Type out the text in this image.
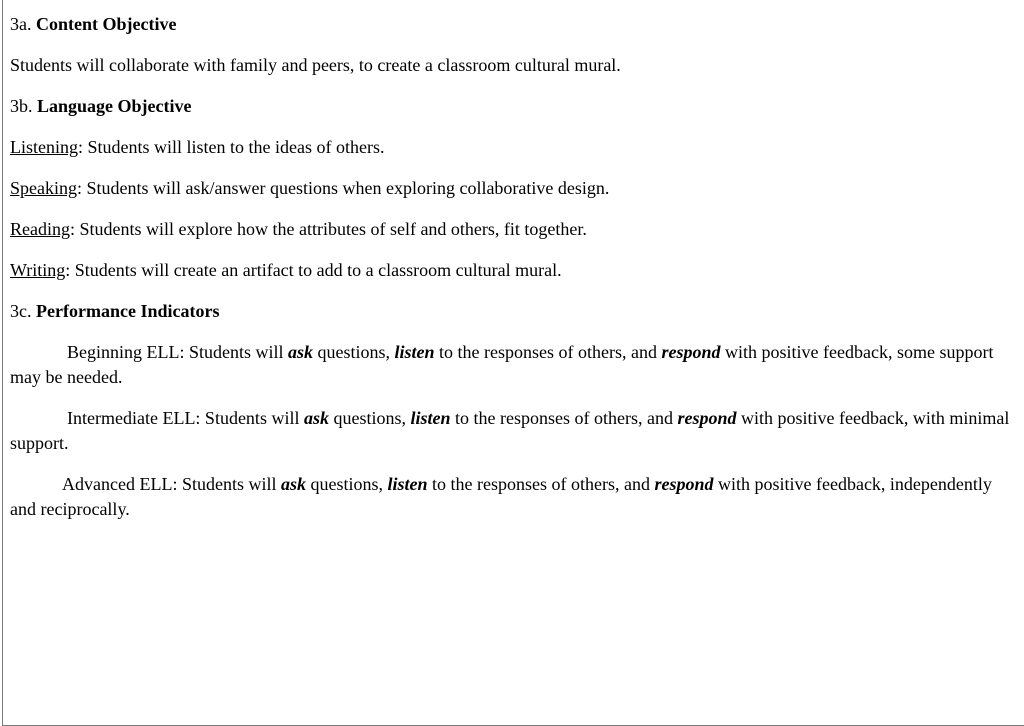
3a. Content Objective

Students will collaborate with family and peers, to create a classroom cultural mural.

3b. Language Objective

Listening: Students will listen to the ideas of others.

Speaking: Students will ask/answer questions when exploring collaborative design.

Reading: Students will explore how the attributes of self and others, fit together.

Writing: Students will create an artifact to add to a classroom cultural mural.

3c. Performance Indicators

Beginning ELL: Students will ask questions, listen to the responses of others, and respond with positive feedback, some support may be needed.

Intermediate ELL: Students will ask questions, listen to the responses of others, and respond with positive feedback, with minimal support.

Advanced ELL: Students will ask questions, listen to the responses of others, and respond with positive feedback, independently and reciprocally.
